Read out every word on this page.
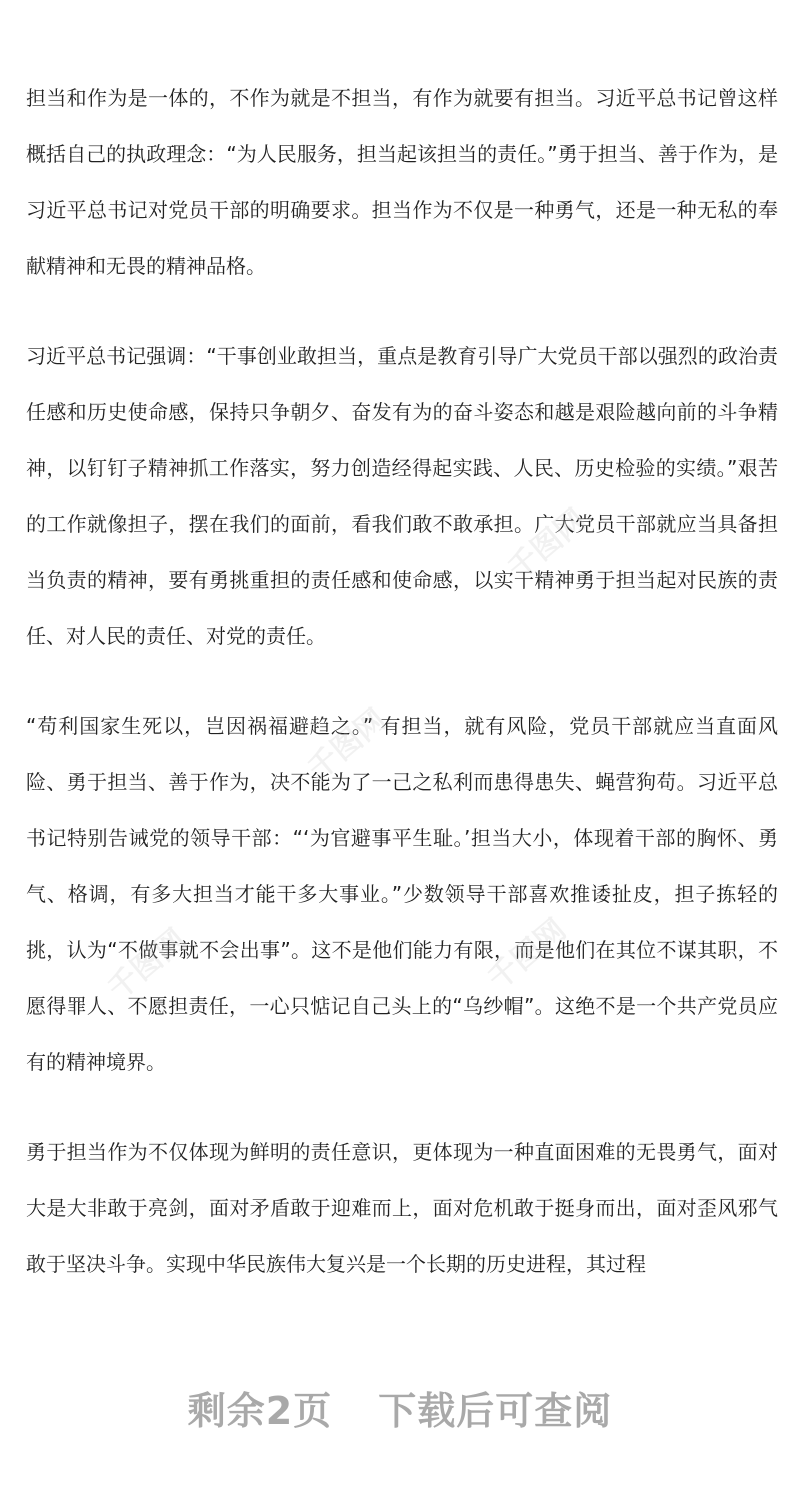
担当和作为是一体的，不作为就是不担当，有作为就要有担当。习近平总书记曾这样概括自己的执政理念：“为人民服务，担当起该担当的责任。”勇于担当、善于作为，是习近平总书记对党员干部的明确要求。担当作为不仅是一种勇气，还是一种无私的奉献精神和无畏的精神品格。

习近平总书记强调：“干事创业敢担当，重点是教育引导广大党员干部以强烈的政治责任感和历史使命感，保持只争朝夕、奋发有为的奋斗姿态和越是艰险越向前的斗争精神，以钉钉子精神抓工作落实，努力创造经得起实践、人民、历史检验的实绩。”艰苦的工作就像担子，摆在我们的面前，看我们敢不敢承担。广大党员干部就应当具备担当负责的精神，要有勇挑重担的责任感和使命感，以实干精神勇于担当起对民族的责任、对人民的责任、对党的责任。

“苟利国家生死以，岂因祸福避趋之。” 有担当，就有风险，党员干部就应当直面风险、勇于担当、善于作为，决不能为了一己之私利而患得患失、蝇营狗苟。习近平总书记特别告诫党的领导干部：“‘为官避事平生耻。’担当大小，体现着干部的胸怀、勇气、格调，有多大担当才能干多大事业。”少数领导干部喜欢推诿扯皮，担子拣轻的挑，认为“不做事就不会出事”。这不是他们能力有限，而是他们在其位不谋其职，不愿得罪人、不愿担责任，一心只惦记自己头上的“乌纱帽”。这绝不是一个共产党员应有的精神境界。

勇于担当作为不仅体现为鲜明的责任意识，更体现为一种直面困难的无畏勇气，面对大是大非敢于亮剑，面对矛盾敢于迎难而上，面对危机敢于挺身而出，面对歪风邪气敢于坚决斗争。实现中华民族伟大复兴是一个长期的历史进程，其过程

千图网
千图网
千图网
千图网
剩余2页 下载后可查阅
